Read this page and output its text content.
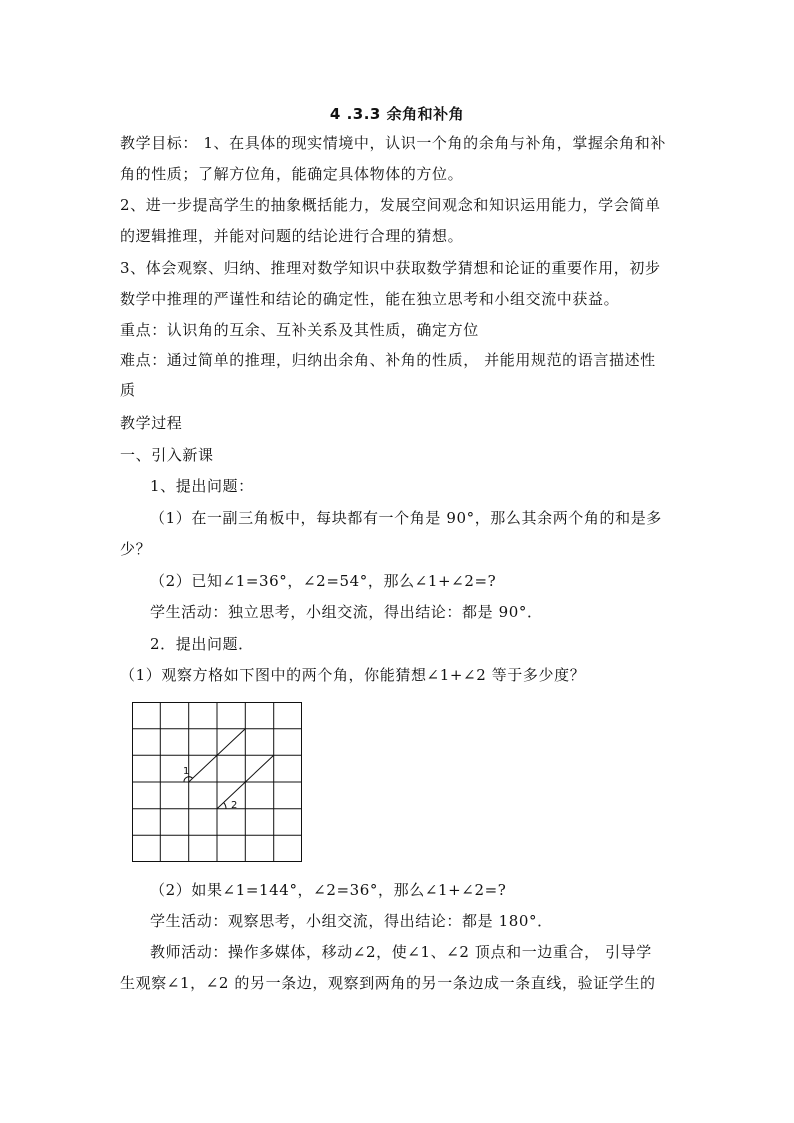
4 .3.3 余角和补角
教学目标： 1、在具体的现实情境中，认识一个角的余角与补角，掌握余角和补
角的性质；了解方位角，能确定具体物体的方位。
2、进一步提高学生的抽象概括能力，发展空间观念和知识运用能力，学会简单
的逻辑推理，并能对问题的结论进行合理的猜想。
3、体会观察、归纳、推理对数学知识中获取数学猜想和论证的重要作用，初步
数学中推理的严谨性和结论的确定性，能在独立思考和小组交流中获益。
重点：认识角的互余、互补关系及其性质，确定方位
难点：通过简单的推理，归纳出余角、补角的性质， 并能用规范的语言描述性
质
教学过程
一、引入新课
1、提出问题：
（1）在一副三角板中，每块都有一个角是 90°，那么其余两个角的和是多
少？
（2）已知∠1=36°，∠2=54°，那么∠1+∠2=?
学生活动：独立思考，小组交流，得出结论：都是 90°．
2．提出问题．
（1）观察方格如下图中的两个角，你能猜想∠1+∠2 等于多少度？
1
2
（2）如果∠1=144°，∠2=36°，那么∠1+∠2=?
学生活动：观察思考，小组交流，得出结论：都是 180°．
教师活动：操作多媒体，移动∠2，使∠1、∠2 顶点和一边重合， 引导学
生观察∠1，∠2 的另一条边，观察到两角的另一条边成一条直线，验证学生的
